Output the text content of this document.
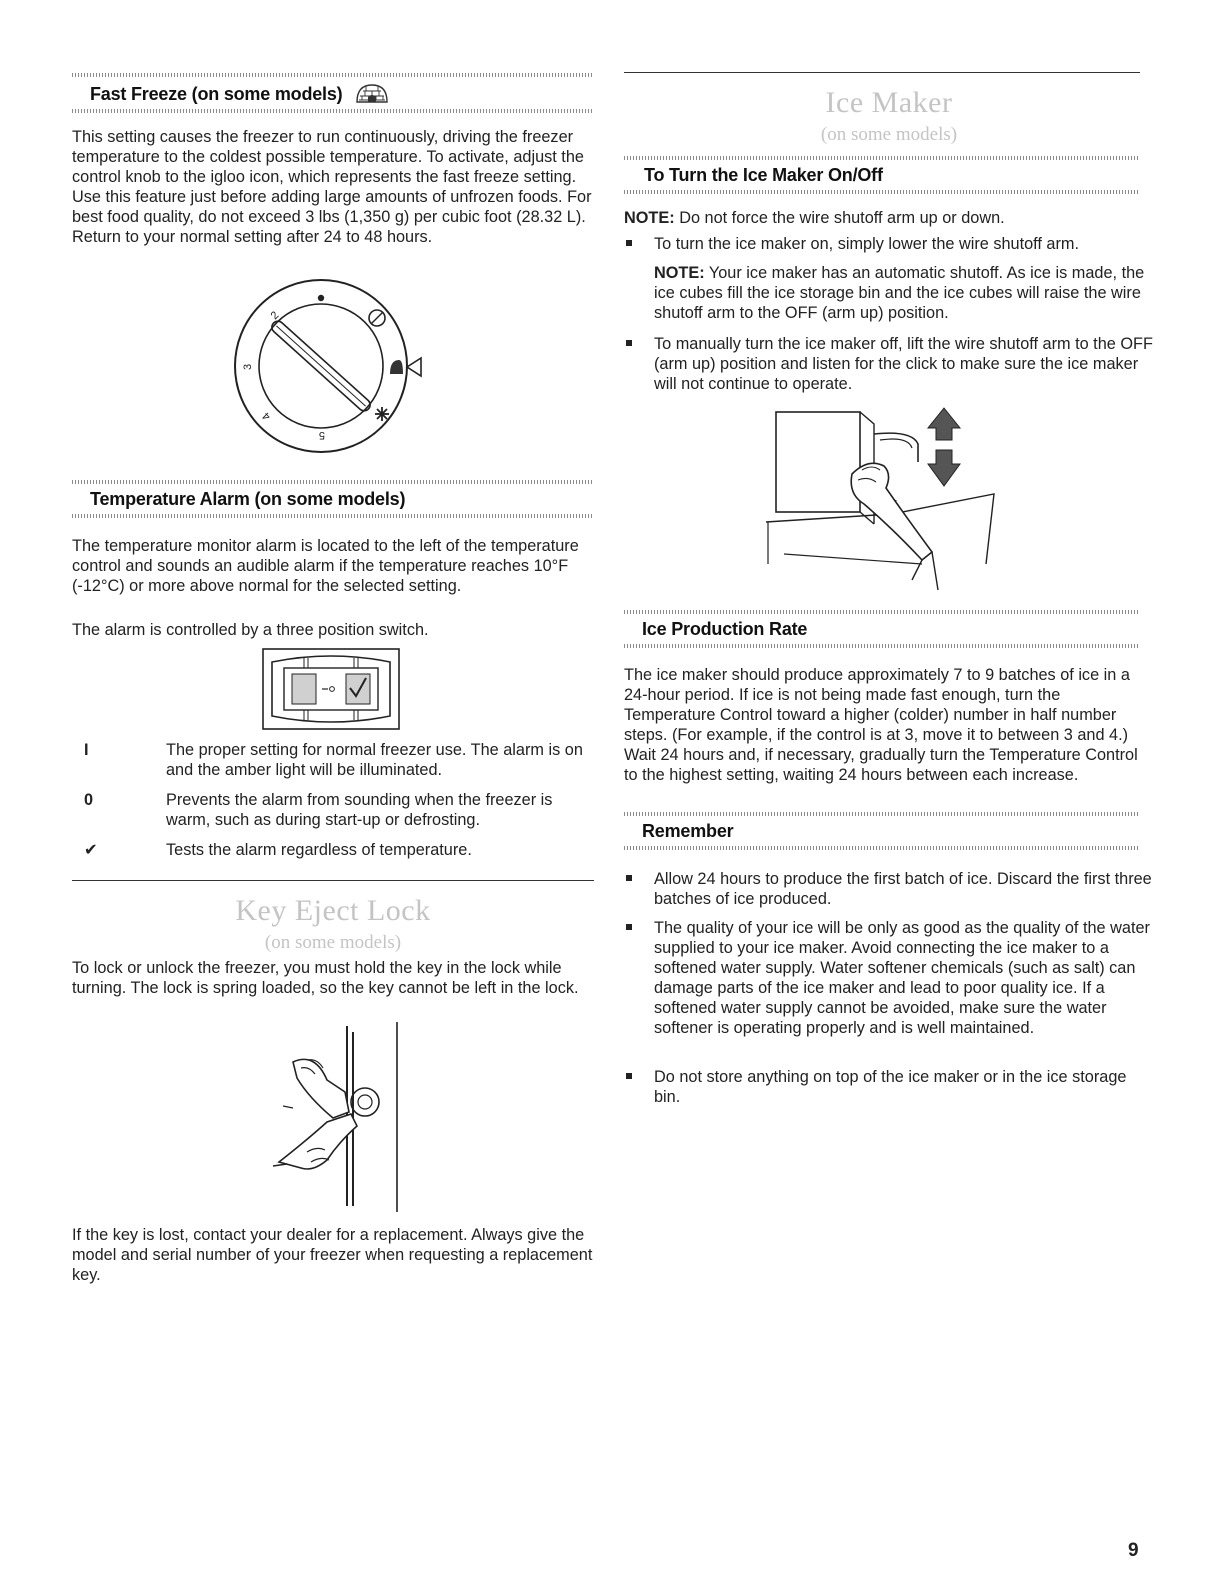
Fast Freeze (on some models)

This setting causes the freezer to run continuously, driving the freezer temperature to the coldest possible temperature. To activate, adjust the control knob to the igloo icon, which represents the fast freeze setting. Use this feature just before adding large amounts of unfrozen foods. For best food quality, do not exceed 3 lbs (1,350 g) per cubic foot (28.32 L). Return to your normal setting after 24 to 48 hours.

2
3
4
5
Temperature Alarm (on some models)

The temperature monitor alarm is located to the left of the temperature control and sounds an audible alarm if the temperature reaches 10°F (-12°C) or more above normal for the selected setting.

The alarm is controlled by a three position switch.

I	The proper setting for normal freezer use. The alarm is on and the amber light will be illuminated.
0	Prevents the alarm from sounding when the freezer is warm, such as during start-up or defrosting.
✔	Tests the alarm regardless of temperature.
Key Eject Lock
(on some models)

To lock or unlock the freezer, you must hold the key in the lock while turning. The lock is spring loaded, so the key cannot be left in the lock.

If the key is lost, contact your dealer for a replacement. Always give the model and serial number of your freezer when requesting a replacement key.

Ice Maker
(on some models)
To Turn the Ice Maker On/Off

NOTE: Do not force the wire shutoff arm up or down.

To turn the ice maker on, simply lower the wire shutoff arm.

NOTE: Your ice maker has an automatic shutoff. As ice is made, the ice cubes fill the ice storage bin and the ice cubes will raise the wire shutoff arm to the OFF (arm up) position.

To manually turn the ice maker off, lift the wire shutoff arm to the OFF (arm up) position and listen for the click to make sure the ice maker will not continue to operate.
Ice Production Rate

The ice maker should produce approximately 7 to 9 batches of ice in a 24-hour period. If ice is not being made fast enough, turn the Temperature Control toward a higher (colder) number in half number steps. (For example, if the control is at 3, move it to between 3 and 4.) Wait 24 hours and, if necessary, gradually turn the Temperature Control to the highest setting, waiting 24 hours between each increase.

Remember
Allow 24 hours to produce the first batch of ice. Discard the first three batches of ice produced.
The quality of your ice will be only as good as the quality of the water supplied to your ice maker. Avoid connecting the ice maker to a softened water supply. Water softener chemicals (such as salt) can damage parts of the ice maker and lead to poor quality ice. If a softened water supply cannot be avoided, make sure the water softener is operating properly and is well maintained.
Do not store anything on top of the ice maker or in the ice storage bin.
9
